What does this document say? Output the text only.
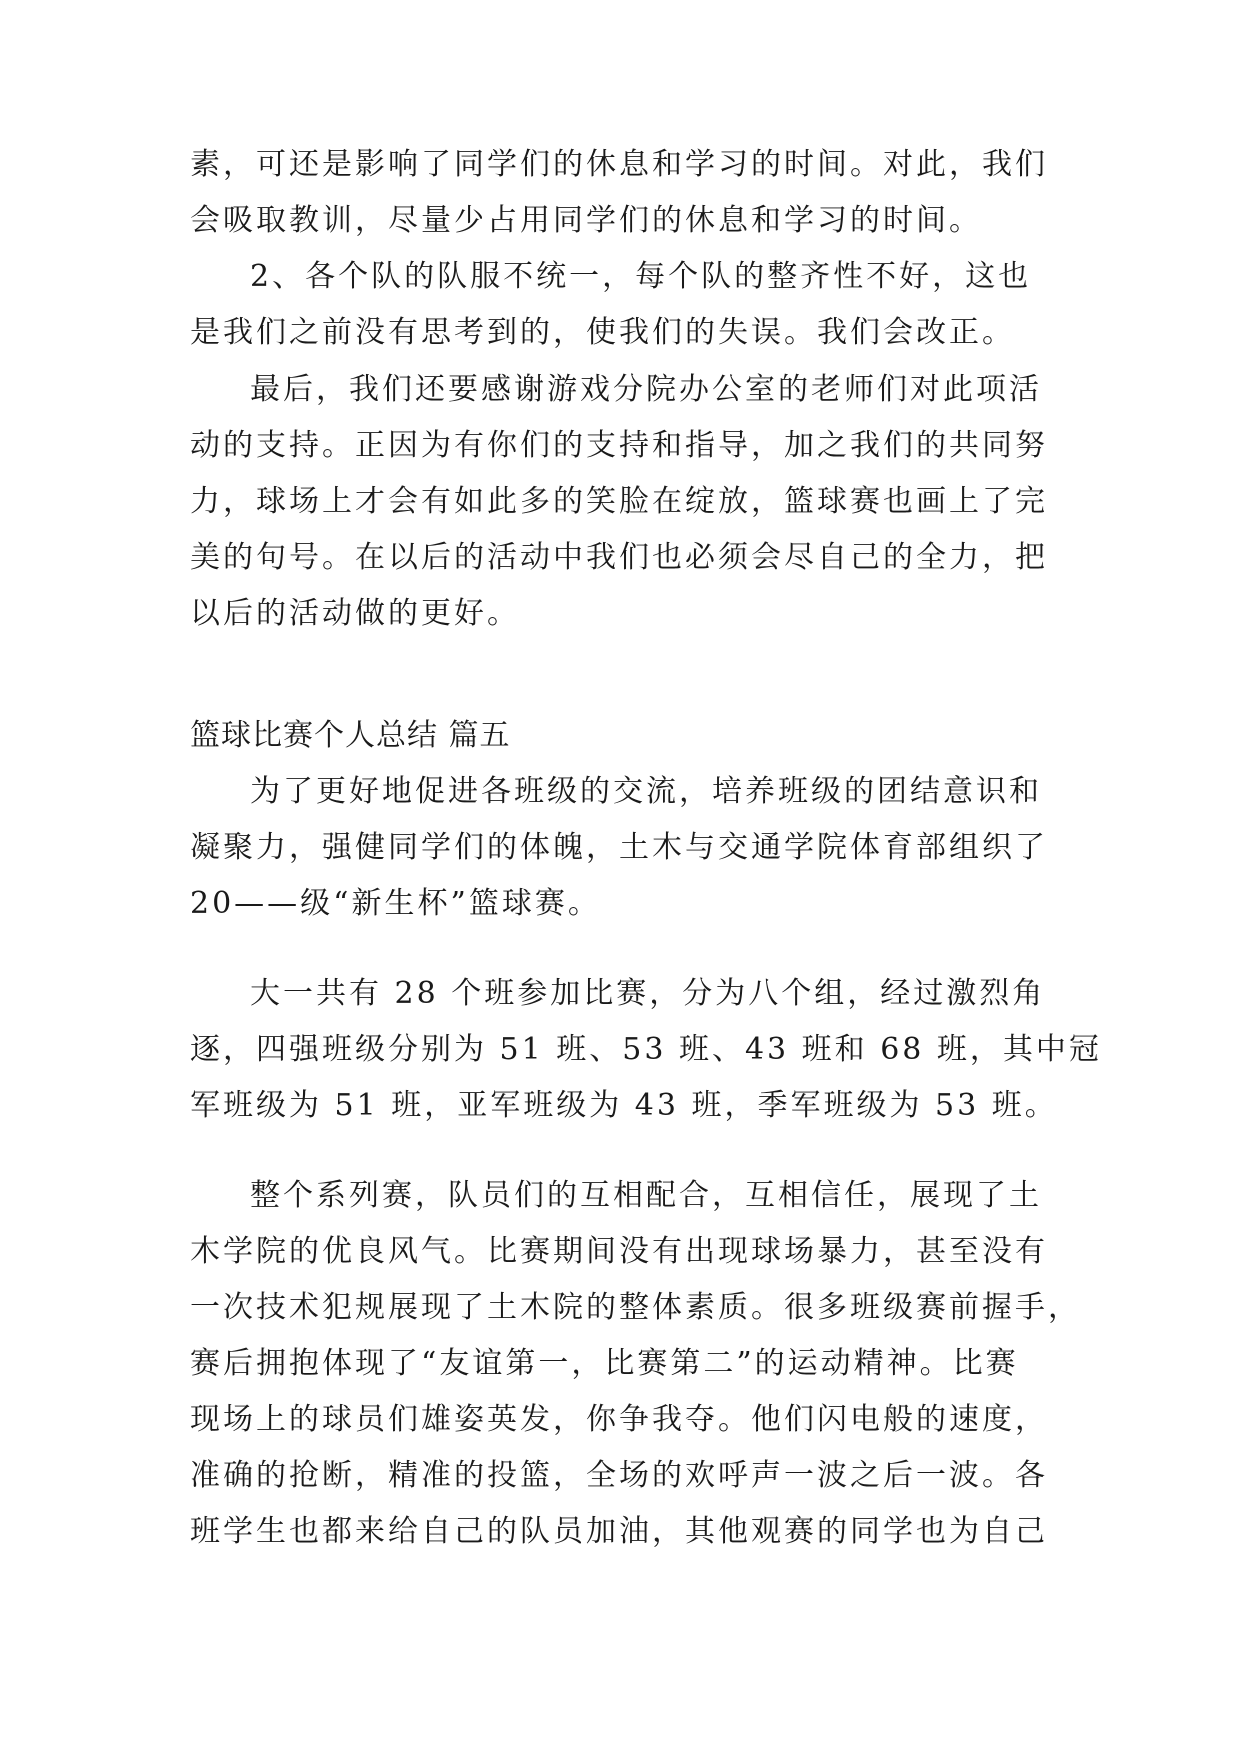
素，可还是影响了同学们的休息和学习的时间。对此，我们
会吸取教训，尽量少占用同学们的休息和学习的时间。
2、各个队的队服不统一，每个队的整齐性不好，这也
是我们之前没有思考到的，使我们的失误。我们会改正。
最后，我们还要感谢游戏分院办公室的老师们对此项活
动的支持。正因为有你们的支持和指导，加之我们的共同努
力，球场上才会有如此多的笑脸在绽放，篮球赛也画上了完
美的句号。在以后的活动中我们也必须会尽自己的全力，把
以后的活动做的更好。
篮球比赛个人总结 篇五
为了更好地促进各班级的交流，培养班级的团结意识和
凝聚力，强健同学们的体魄，土木与交通学院体育部组织了
20——级“新生杯”篮球赛。
大一共有 28 个班参加比赛，分为八个组，经过激烈角
逐，四强班级分别为 51 班、53 班、43 班和 68 班，其中冠
军班级为 51 班，亚军班级为 43 班，季军班级为 53 班。
整个系列赛，队员们的互相配合，互相信任，展现了土
木学院的优良风气。比赛期间没有出现球场暴力，甚至没有
一次技术犯规展现了土木院的整体素质。很多班级赛前握手，
赛后拥抱体现了“友谊第一，比赛第二”的运动精神。比赛
现场上的球员们雄姿英发，你争我夺。他们闪电般的速度，
准确的抢断，精准的投篮，全场的欢呼声一波之后一波。各
班学生也都来给自己的队员加油，其他观赛的同学也为自己
